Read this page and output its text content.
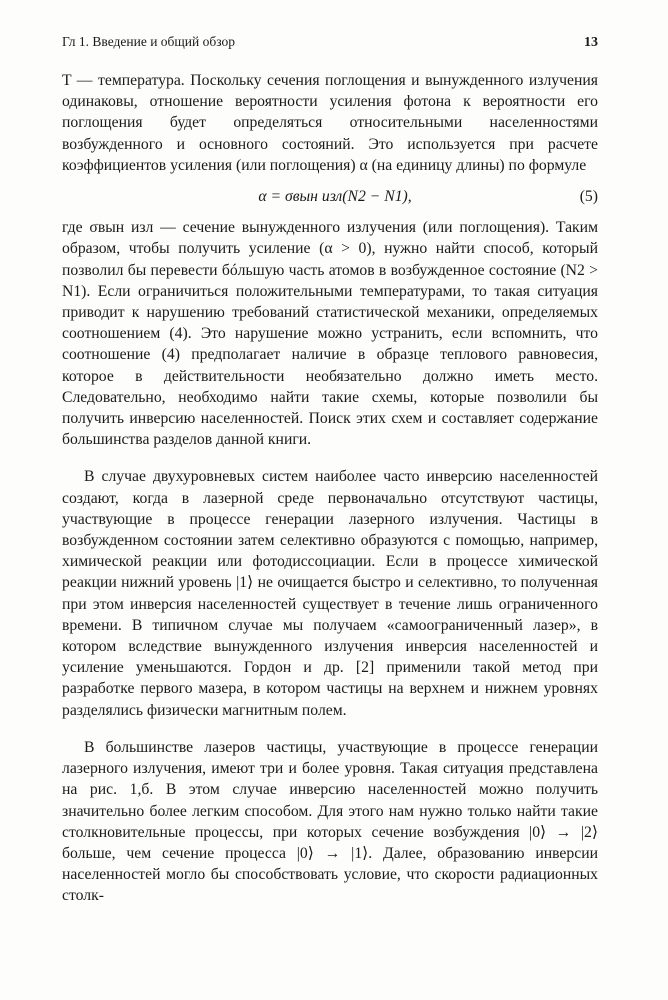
Гл 1. Введение и общий обзор	13

T — температура. Поскольку сечения поглощения и вынужденного излучения одинаковы, отношение вероятности усиления фотона к вероятности его поглощения будет определяться относительными населенностями возбужденного и основного состояний. Это используется при расчете коэффициентов усиления (или поглощения) α (на единицу длины) по формуле

α = σвын изл(N2 − N1),	(5)

где σвын изл — сечение вынужденного излучения (или поглощения). Таким образом, чтобы получить усиление (α > 0), нужно найти способ, который позволил бы перевести бóльшую часть атомов в возбужденное состояние (N2 > N1). Если ограничиться положительными температурами, то такая ситуация приводит к нарушению требований статистической механики, определяемых соотношением (4). Это нарушение можно устранить, если вспомнить, что соотношение (4) предполагает наличие в образце теплового равновесия, которое в действительности необязательно должно иметь место. Следовательно, необходимо найти такие схемы, которые позволили бы получить инверсию населенностей. Поиск этих схем и составляет содержание большинства разделов данной книги.

В случае двухуровневых систем наиболее часто инверсию населенностей создают, когда в лазерной среде первоначально отсутствуют частицы, участвующие в процессе генерации лазерного излучения. Частицы в возбужденном состоянии затем селективно образуются с помощью, например, химической реакции или фотодиссоциации. Если в процессе химической реакции нижний уровень |1⟩ не очищается быстро и селективно, то полученная при этом инверсия населенностей существует в течение лишь ограниченного времени. В типичном случае мы получаем «самоограниченный лазер», в котором вследствие вынужденного излучения инверсия населенностей и усиление уменьшаются. Гордон и др. [2] применили такой метод при разработке первого мазера, в котором частицы на верхнем и нижнем уровнях разделялись физически магнитным полем.

В большинстве лазеров частицы, участвующие в процессе генерации лазерного излучения, имеют три и более уровня. Такая ситуация представлена на рис. 1,б. В этом случае инверсию населенностей можно получить значительно более легким способом. Для этого нам нужно только найти такие столкновительные процессы, при которых сечение возбуждения |0⟩ → |2⟩ больше, чем сечение процесса |0⟩ → |1⟩. Далее, образованию инверсии населенностей могло бы способствовать условие, что скорости радиационных столк-
